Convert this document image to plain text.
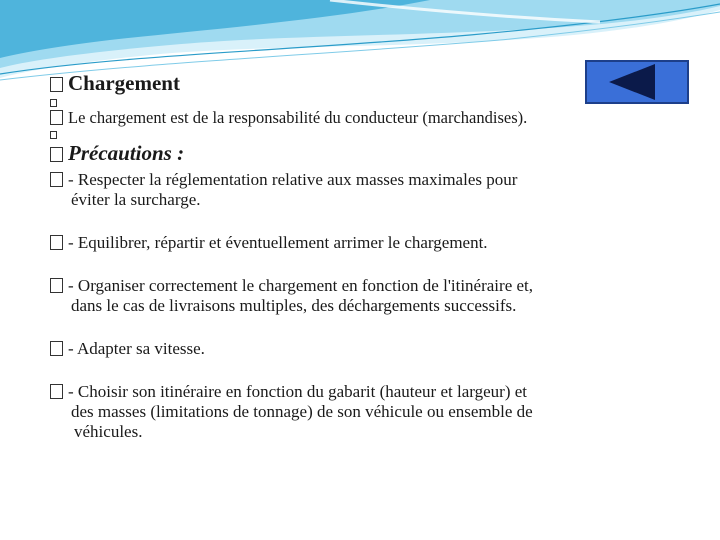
Chargement
Le chargement est de la responsabilité du conducteur (marchandises).
Précautions :
- Respecter la réglementation relative aux masses maximales pour
éviter la surcharge.
- Equilibrer, répartir et éventuellement arrimer le chargement.
- Organiser correctement le chargement en fonction de l'itinéraire et,
dans le cas de livraisons multiples, des déchargements successifs.
- Adapter sa vitesse.
- Choisir son itinéraire en fonction du gabarit (hauteur et largeur) et
des masses (limitations de tonnage) de son véhicule ou ensemble de
véhicules.
